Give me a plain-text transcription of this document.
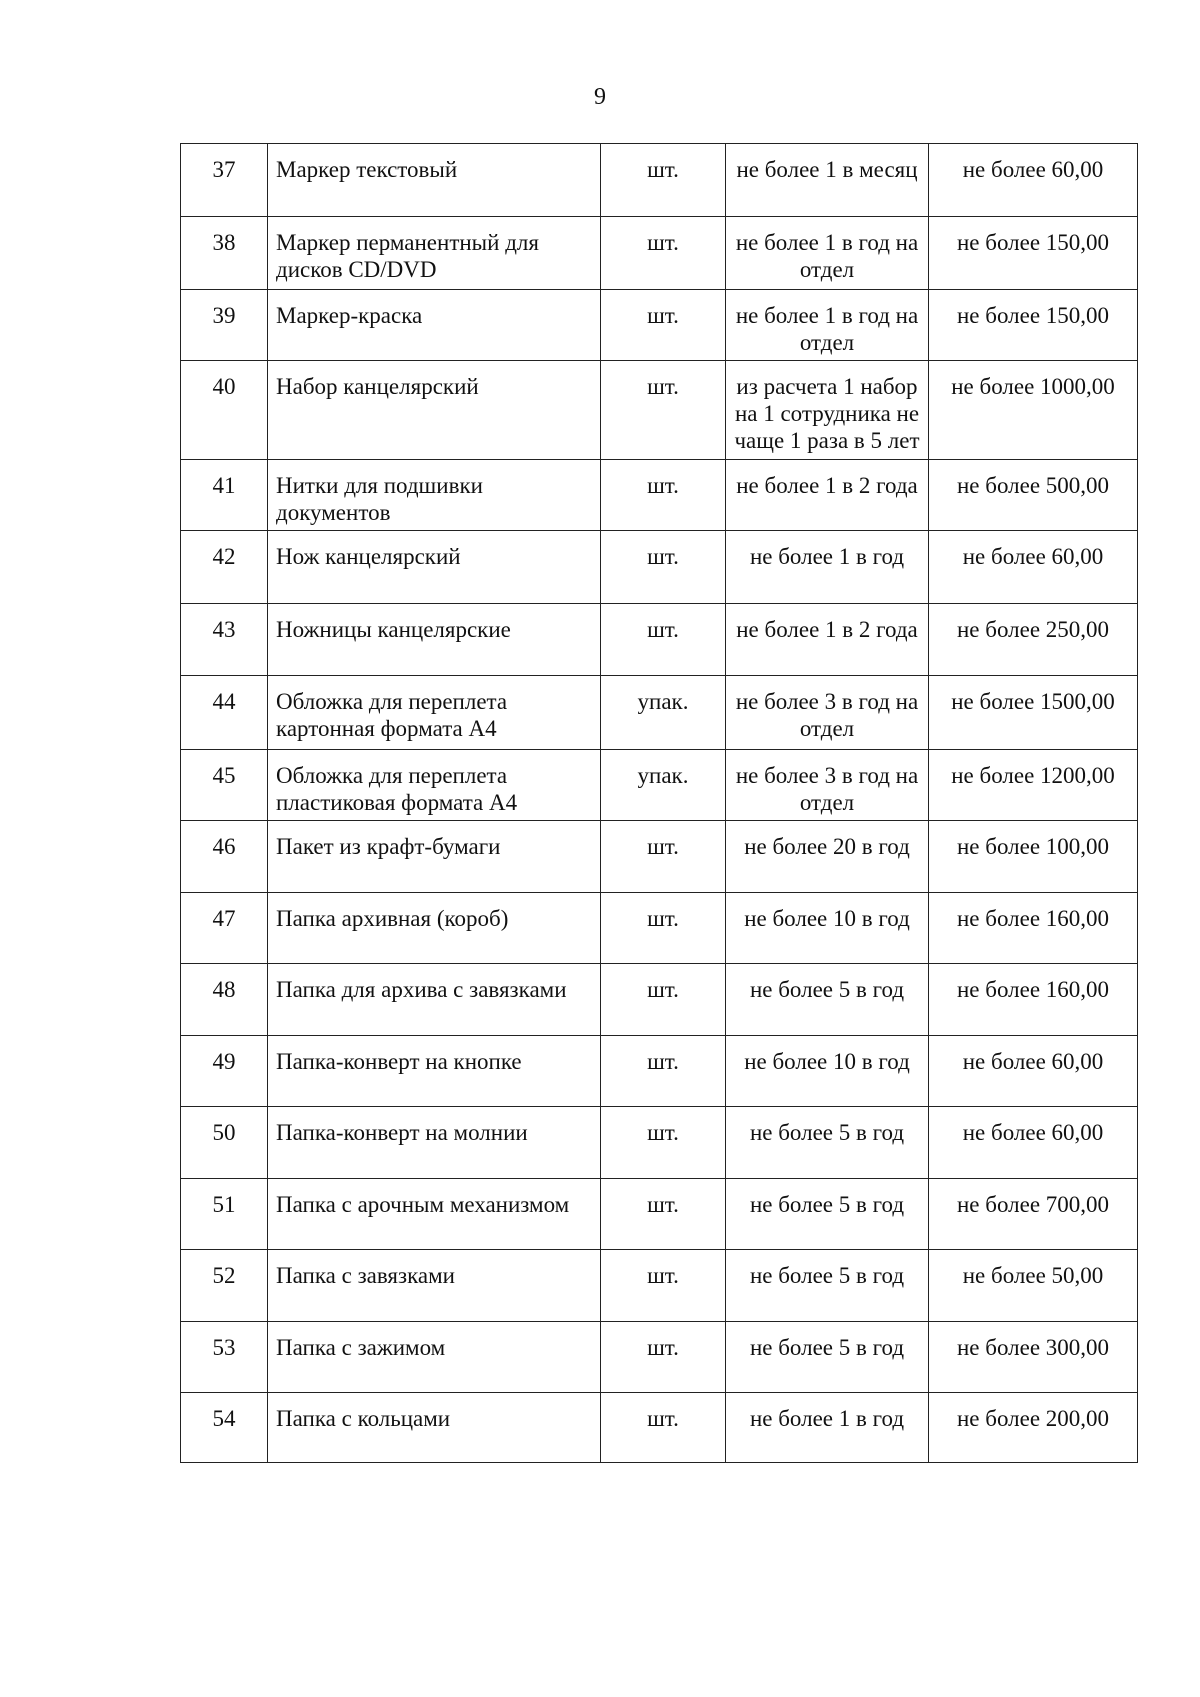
9
37	Маркер текстовый	шт.	не более 1 в месяц	не более 60,00
38	Маркер перманентный для дисков CD/DVD	шт.	не более 1 в год на отдел	не более 150,00
39	Маркер-краска	шт.	не более 1 в год на отдел	не более 150,00
40	Набор канцелярский	шт.	из расчета 1 набор на 1 сотрудника не чаще 1 раза в 5 лет	не более 1000,00
41	Нитки для подшивки документов	шт.	не более 1 в 2 года	не более 500,00
42	Нож канцелярский	шт.	не более 1 в год	не более 60,00
43	Ножницы канцелярские	шт.	не более 1 в 2 года	не более 250,00
44	Обложка для переплета картонная формата А4	упак.	не более 3 в год на отдел	не более 1500,00
45	Обложка для переплета пластиковая формата А4	упак.	не более 3 в год на отдел	не более 1200,00
46	Пакет из крафт-бумаги	шт.	не более 20 в год	не более 100,00
47	Папка архивная (короб)	шт.	не более 10 в год	не более 160,00
48	Папка для архива с завязками	шт.	не более 5 в год	не более 160,00
49	Папка-конверт на кнопке	шт.	не более 10 в год	не более 60,00
50	Папка-конверт на молнии	шт.	не более 5 в год	не более 60,00
51	Папка с арочным механизмом	шт.	не более 5 в год	не более 700,00
52	Папка с завязками	шт.	не более 5 в год	не более 50,00
53	Папка с зажимом	шт.	не более 5 в год	не более 300,00
54	Папка с кольцами	шт.	не более 1 в год	не более 200,00
